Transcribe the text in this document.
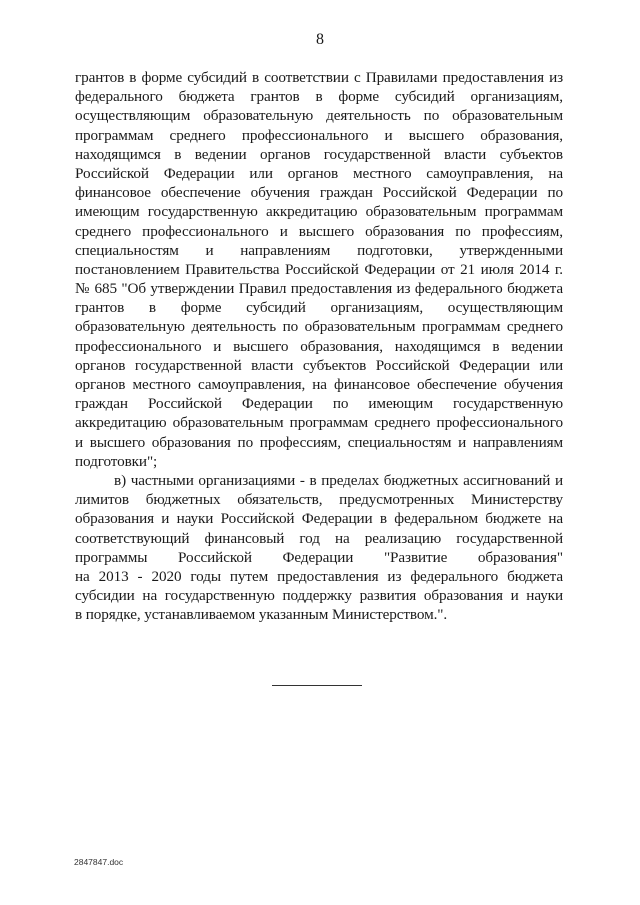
8
грантов в форме субсидий в соответствии с Правилами предоставления из
федерального бюджета грантов в форме субсидий организациям,
осуществляющим образовательную деятельность по образовательным
программам среднего профессионального и высшего образования,
находящимся в ведении органов государственной власти субъектов
Российской Федерации или органов местного самоуправления, на
финансовое обеспечение обучения граждан Российской Федерации по
имеющим государственную аккредитацию образовательным программам
среднего профессионального и высшего образования по профессиям,
специальностям и направлениям подготовки, утвержденными
постановлением Правительства Российской Федерации от 21 июля 2014 г.
№ 685 "Об утверждении Правил предоставления из федерального бюджета
грантов в форме субсидий организациям, осуществляющим
образовательную деятельность по образовательным программам среднего
профессионального и высшего образования, находящимся в ведении
органов государственной власти субъектов Российской Федерации или
органов местного самоуправления, на финансовое обеспечение обучения
граждан Российской Федерации по имеющим государственную
аккредитацию образовательным программам среднего профессионального
и высшего образования по профессиям, специальностям и направлениям
подготовки";
в) частными организациями - в пределах бюджетных ассигнований и
лимитов бюджетных обязательств, предусмотренных Министерству
образования и науки Российской Федерации в федеральном бюджете на
соответствующий финансовый год на реализацию государственной
программы Российской Федерации "Развитие образования"
на 2013 - 2020 годы путем предоставления из федерального бюджета
субсидии на государственную поддержку развития образования и науки
в порядке, устанавливаемом указанным Министерством.".
2847847.doc
